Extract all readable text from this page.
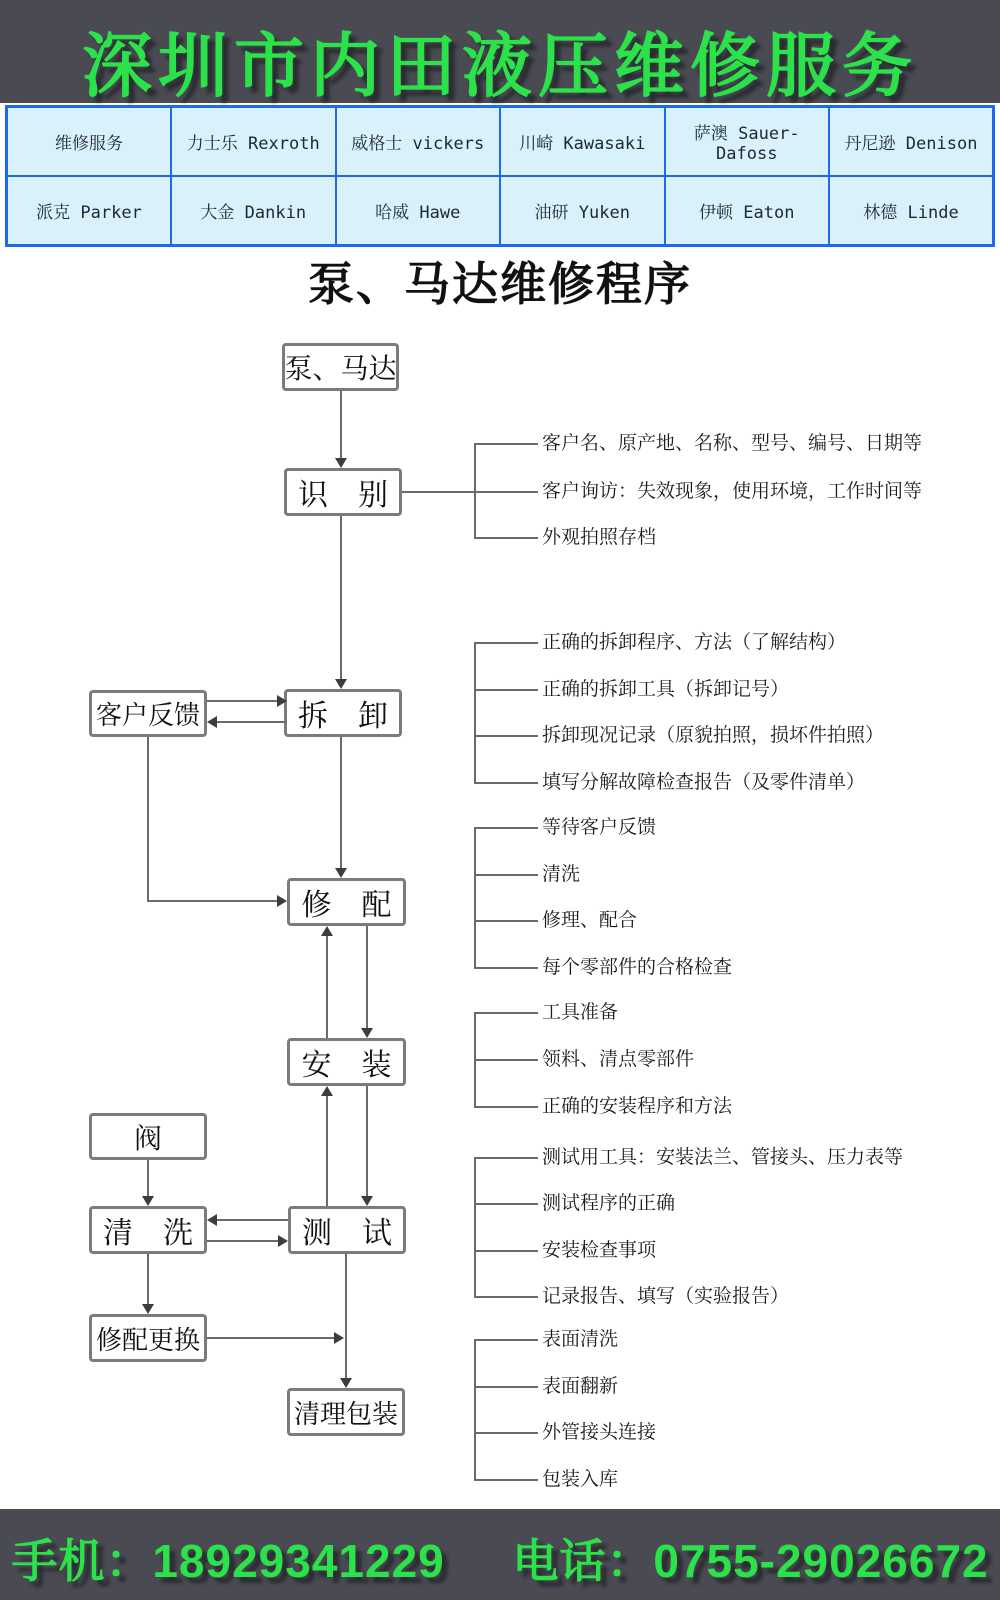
深圳市内田液压维修服务
维修服务	力士乐 Rexroth	威格士 vickers	川崎 Kawasaki	萨澳 Sauer-Dafoss	丹尼逊 Denison
派克 Parker	大金 Dankin	哈威 Hawe	油研 Yuken	伊顿 Eaton	林德 Linde
泵、马达维修程序
泵、马达
识　别
拆　卸
修　配
安　装
测　试
客户反馈
阀
清　洗
修配更换
清理包装
客户名、原产地、名称、型号、编号、日期等
客户询访：失效现象，使用环境，工作时间等
外观拍照存档
正确的拆卸程序、方法（了解结构）
正确的拆卸工具（拆卸记号）
拆卸现况记录（原貌拍照，损坏件拍照）
填写分解故障检查报告（及零件清单）
等待客户反馈
清洗
修理、配合
每个零部件的合格检查
工具准备
领料、清点零部件
正确的安装程序和方法
测试用工具：安装法兰、管接头、压力表等
测试程序的正确
安装检查事项
记录报告、填写（实验报告）
表面清洗
表面翻新
外管接头连接
包装入库
手机：18929341229 电话：0755-29026672
